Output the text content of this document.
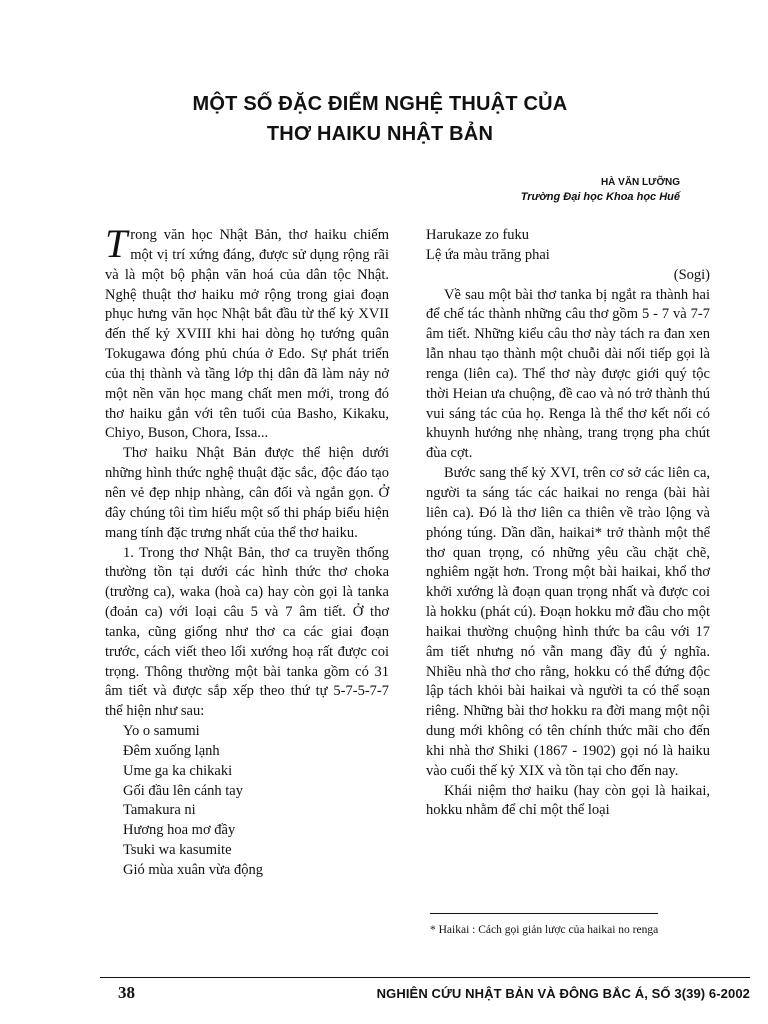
MỘT SỐ ĐẶC ĐIỂM NGHỆ THUẬT CỦA
THƠ HAIKU NHẬT BẢN
HÀ VĂN LƯỠNG
Trường Đại học Khoa học Huế

Trong văn học Nhật Bản, thơ haiku chiếm một vị trí xứng đáng, được sử dụng rộng rãi và là một bộ phận văn hoá của dân tộc Nhật. Nghệ thuật thơ haiku mở rộng trong giai đoạn phục hưng văn học Nhật bắt đầu từ thế kỷ XVII đến thế kỷ XVIII khi hai dòng họ tướng quân Tokugawa đóng phủ chúa ở Edo. Sự phát triển của thị thành và tầng lớp thị dân đã làm nảy nở một nền văn học mang chất men mới, trong đó thơ haiku gắn với tên tuổi của Basho, Kikaku, Chiyo, Buson, Chora, Issa...

Thơ haiku Nhật Bản được thể hiện dưới những hình thức nghệ thuật đặc sắc, độc đáo tạo nên vẻ đẹp nhịp nhàng, cân đối và ngắn gọn. Ở đây chúng tôi tìm hiểu một số thi pháp biểu hiện mang tính đặc trưng nhất của thể thơ haiku.

1. Trong thơ Nhật Bản, thơ ca truyền thống thường tồn tại dưới các hình thức thơ choka (trường ca), waka (hoà ca) hay còn gọi là tanka (đoản ca) với loại câu 5 và 7 âm tiết. Ở thơ tanka, cũng giống như thơ ca các giai đoạn trước, cách viết theo lối xướng hoạ rất được coi trọng. Thông thường một bài tanka gồm có 31 âm tiết và được sắp xếp theo thứ tự 5-7-5-7-7 thể hiện như sau:

Yo o samumi
Đêm xuống lạnh
Ume ga ka chikaki
Gối đầu lên cánh tay
Tamakura ni
Hương hoa mơ đầy
Tsuki wa kasumite
Gió mùa xuân vừa động
Harukaze zo fuku
Lệ ứa màu trăng phai
(Sogi)

Về sau một bài thơ tanka bị ngắt ra thành hai để chế tác thành những câu thơ gồm 5 - 7 và 7-7 âm tiết. Những kiểu câu thơ này tách ra đan xen lẫn nhau tạo thành một chuỗi dài nối tiếp gọi là renga (liên ca). Thể thơ này được giới quý tộc thời Heian ưa chuộng, đề cao và nó trở thành thú vui sáng tác của họ. Renga là thể thơ kết nối có khuynh hướng nhẹ nhàng, trang trọng pha chút đùa cợt.

Bước sang thế kỷ XVI, trên cơ sở các liên ca, người ta sáng tác các haikai no renga (bài hài liên ca). Đó là thơ liên ca thiên về trào lộng và phóng túng. Dần dần, haikai* trở thành một thể thơ quan trọng, có những yêu cầu chặt chẽ, nghiêm ngặt hơn. Trong một bài haikai, khổ thơ khởi xướng là đoạn quan trọng nhất và được coi là hokku (phát cú). Đoạn hokku mở đầu cho một haikai thường chuộng hình thức ba câu với 17 âm tiết nhưng nó vẫn mang đầy đủ ý nghĩa. Nhiều nhà thơ cho rằng, hokku có thể đứng độc lập tách khỏi bài haikai và người ta có thể soạn riêng. Những bài thơ hokku ra đời mang một nội dung mới không có tên chính thức mãi cho đến khi nhà thơ Shiki (1867 - 1902) gọi nó là haiku vào cuối thế kỷ XIX và tồn tại cho đến nay.

Khái niệm thơ haiku (hay còn gọi là haikai, hokku nhằm để chỉ một thể loại

* Haikai : Cách gọi giản lược của haikai no renga
38	NGHIÊN CỨU NHẬT BẢN VÀ ĐÔNG BẮC Á, SỐ 3(39) 6-2002
